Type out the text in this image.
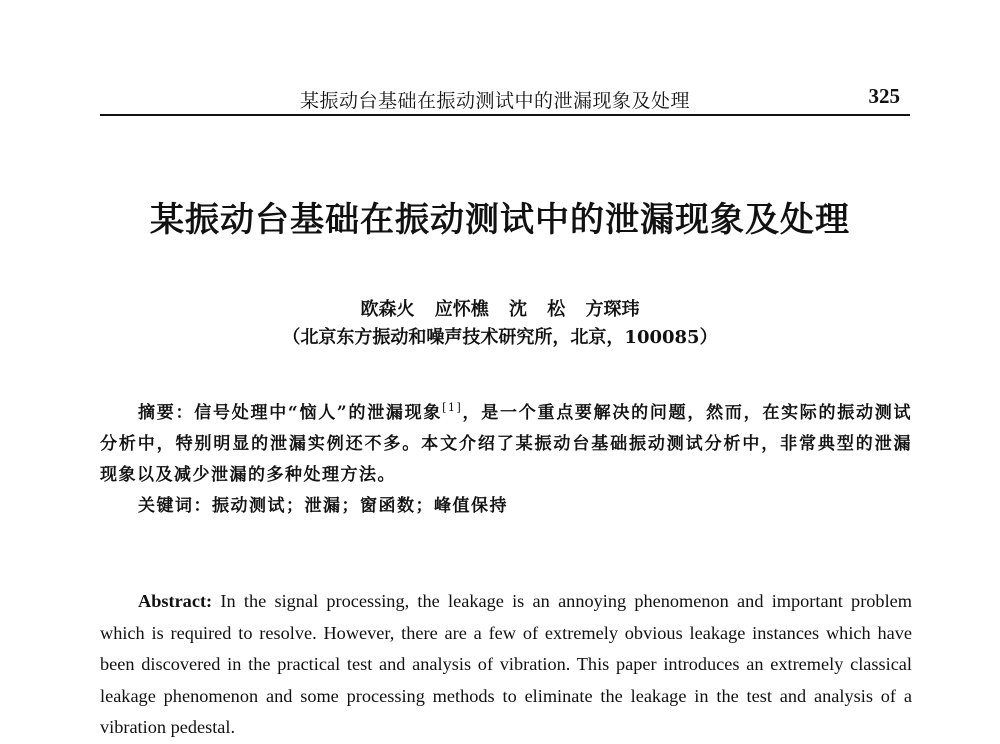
某振动台基础在振动测试中的泄漏现象及处理	325
某振动台基础在振动测试中的泄漏现象及处理
欧森火 应怀樵 沈 松 方琛玮
（北京东方振动和噪声技术研究所，北京，100085）
摘要：信号处理中“恼人”的泄漏现象[1]，是一个重点要解决的问题，然而，在实际的振动测试分析中，特别明显的泄漏实例还不多。本文介绍了某振动台基础振动测试分析中，非常典型的泄漏现象以及减少泄漏的多种处理方法。
关键词：振动测试；泄漏；窗函数；峰值保持
Abstract: In the signal processing, the leakage is an annoying phenomenon and important problem which is required to resolve. However, there are a few of extremely obvious leakage instances which have been discovered in the practical test and analysis of vibration. This paper introduces an extremely classical leakage phenomenon and some processing methods to eliminate the leakage in the test and analysis of a vibration pedestal.
